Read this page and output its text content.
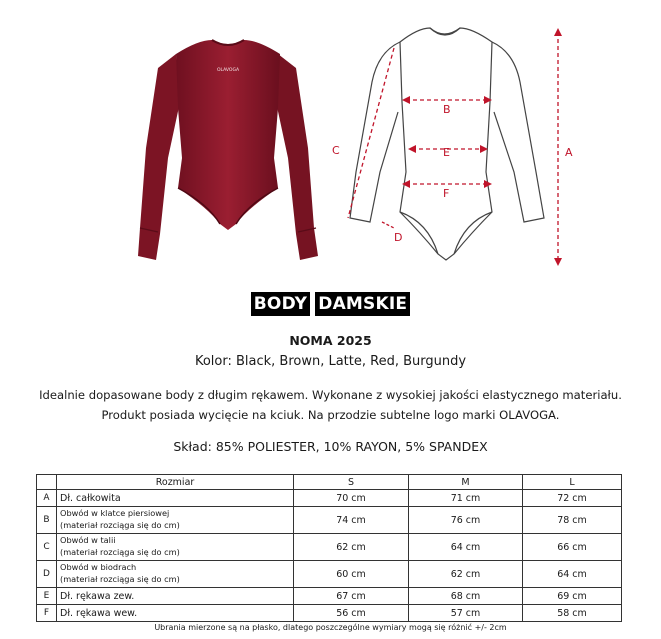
OLAVOGA
A
B
C
D
E
F
BODY DAMSKIE
NOMA 2025
Kolor: Black, Brown, Latte, Red, Burgundy
Idealnie dopasowane body z długim rękawem. Wykonane z wysokiej jakości elastycznego materiału.
Produkt posiada wycięcie na kciuk. Na przodzie subtelne logo marki OLAVOGA.
Skład: 85% POLIESTER, 10% RAYON, 5% SPANDEX
	Rozmiar	S	M	L
A	Dł. całkowita	70 cm	71 cm	72 cm
B	Obwód w klatce piersiowej
(materiał rozciąga się do cm)	74 cm	76 cm	78 cm
C	Obwód w talii
(materiał rozciąga się do cm)	62 cm	64 cm	66 cm
D	Obwód w biodrach
(materiał rozciąga się do cm)	60 cm	62 cm	64 cm
E	Dł. rękawa zew.	67 cm	68 cm	69 cm
F	Dł. rękawa wew.	56 cm	57 cm	58 cm
Ubrania mierzone są na płasko, dlatego poszczególne wymiary mogą się różnić +/- 2cm
